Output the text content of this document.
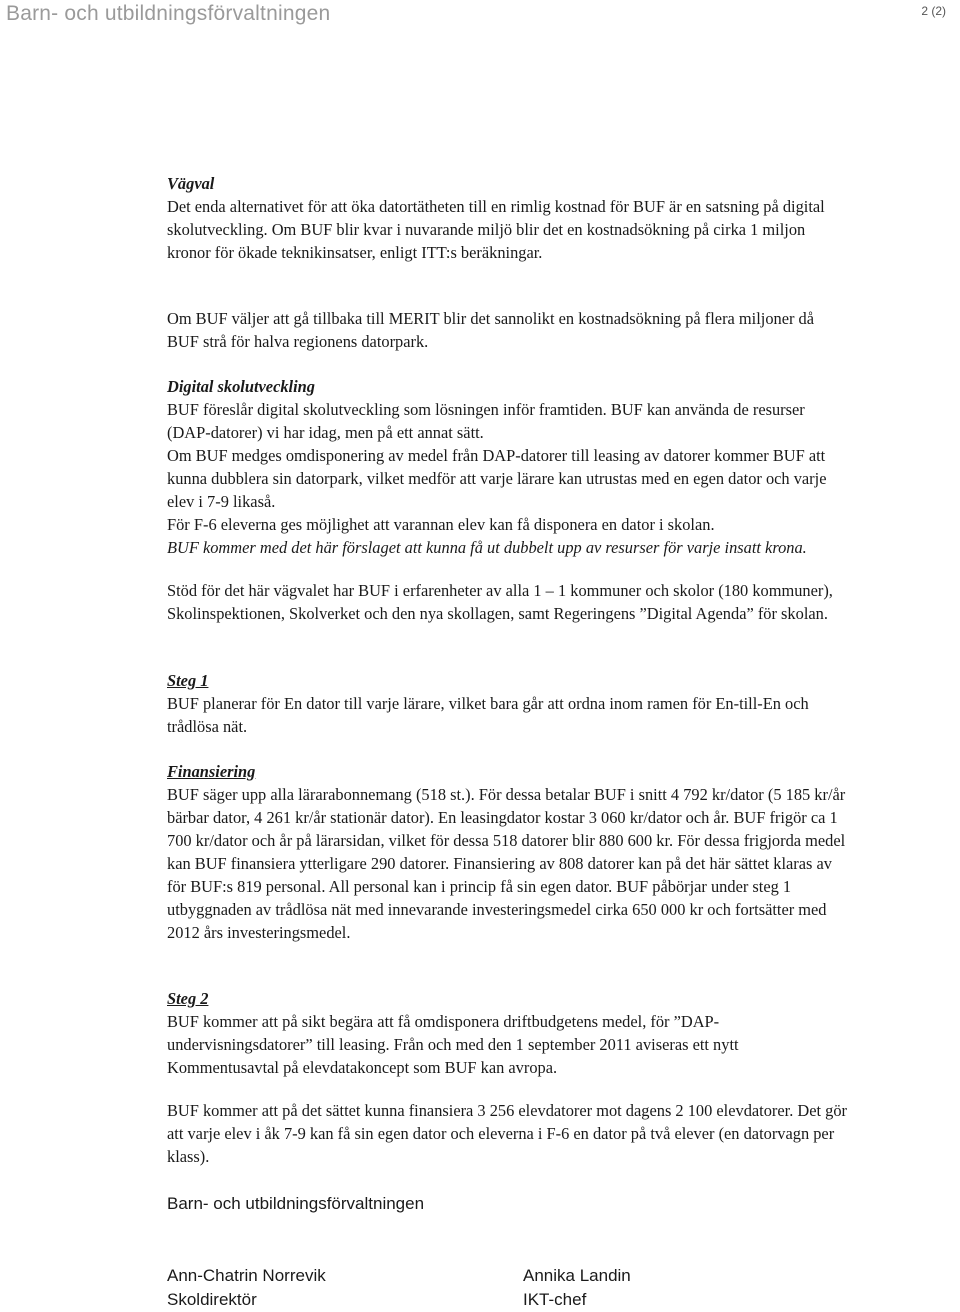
Barn- och utbildningsförvaltningen	2 (2)

Vägval

Det enda alternativet för att öka datortätheten till en rimlig kostnad för BUF är en satsning på digital skolutveckling. Om BUF blir kvar i nuvarande miljö blir det en kostnadsökning på cirka 1 miljon kronor för ökade teknikinsatser, enligt ITT:s beräkningar.

Om BUF väljer att gå tillbaka till MERIT blir det sannolikt en kostnadsökning på flera miljoner då BUF strå för halva regionens datorpark.

Digital skolutveckling

BUF föreslår digital skolutveckling som lösningen inför framtiden. BUF kan använda de resurser (DAP-datorer) vi har idag, men på ett annat sätt.

Om BUF medges omdisponering av medel från DAP-datorer till leasing av datorer kommer BUF att kunna dubblera sin datorpark, vilket medför att varje lärare kan utrustas med en egen dator och varje elev i 7-9 likaså.

För F-6 eleverna ges möjlighet att varannan elev kan få disponera en dator i skolan.

BUF kommer med det här förslaget att kunna få ut dubbelt upp av resurser för varje insatt krona.

Stöd för det här vägvalet har BUF i erfarenheter av alla 1 – 1 kommuner och skolor (180 kommuner), Skolinspektionen, Skolverket och den nya skollagen, samt Regeringens ”Digital Agenda” för skolan.

Steg 1

BUF planerar för En dator till varje lärare, vilket bara går att ordna inom ramen för En-till-En och trådlösa nät.

Finansiering

BUF säger upp alla lärarabonnemang (518 st.). För dessa betalar BUF i snitt 4 792 kr/dator (5 185 kr/år bärbar dator, 4 261 kr/år stationär dator). En leasingdator kostar 3 060 kr/dator och år. BUF frigör ca 1 700 kr/dator och år på lärarsidan, vilket för dessa 518 datorer blir 880 600 kr. För dessa frigjorda medel kan BUF finansiera ytterligare 290 datorer. Finansiering av 808 datorer kan på det här sättet klaras av för BUF:s 819 personal. All personal kan i princip få sin egen dator. BUF påbörjar under steg 1 utbyggnaden av trådlösa nät med innevarande investeringsmedel cirka 650 000 kr och fortsätter med 2012 års investeringsmedel.

Steg 2

BUF kommer att på sikt begära att få omdisponera driftbudgetens medel, för ”DAP-undervisningsdatorer” till leasing. Från och med den 1 september 2011 aviseras ett nytt Kommentusavtal på elevdatakoncept som BUF kan avropa.

BUF kommer att på det sättet kunna finansiera 3 256 elevdatorer mot dagens 2 100 elevdatorer. Det gör att varje elev i åk 7-9 kan få sin egen dator och eleverna i F-6 en dator på två elever (en datorvagn per klass).

Barn- och utbildningsförvaltningen
Ann-Chatrin Norrevik
Skoldirektör
Annika Landin
IKT-chef
